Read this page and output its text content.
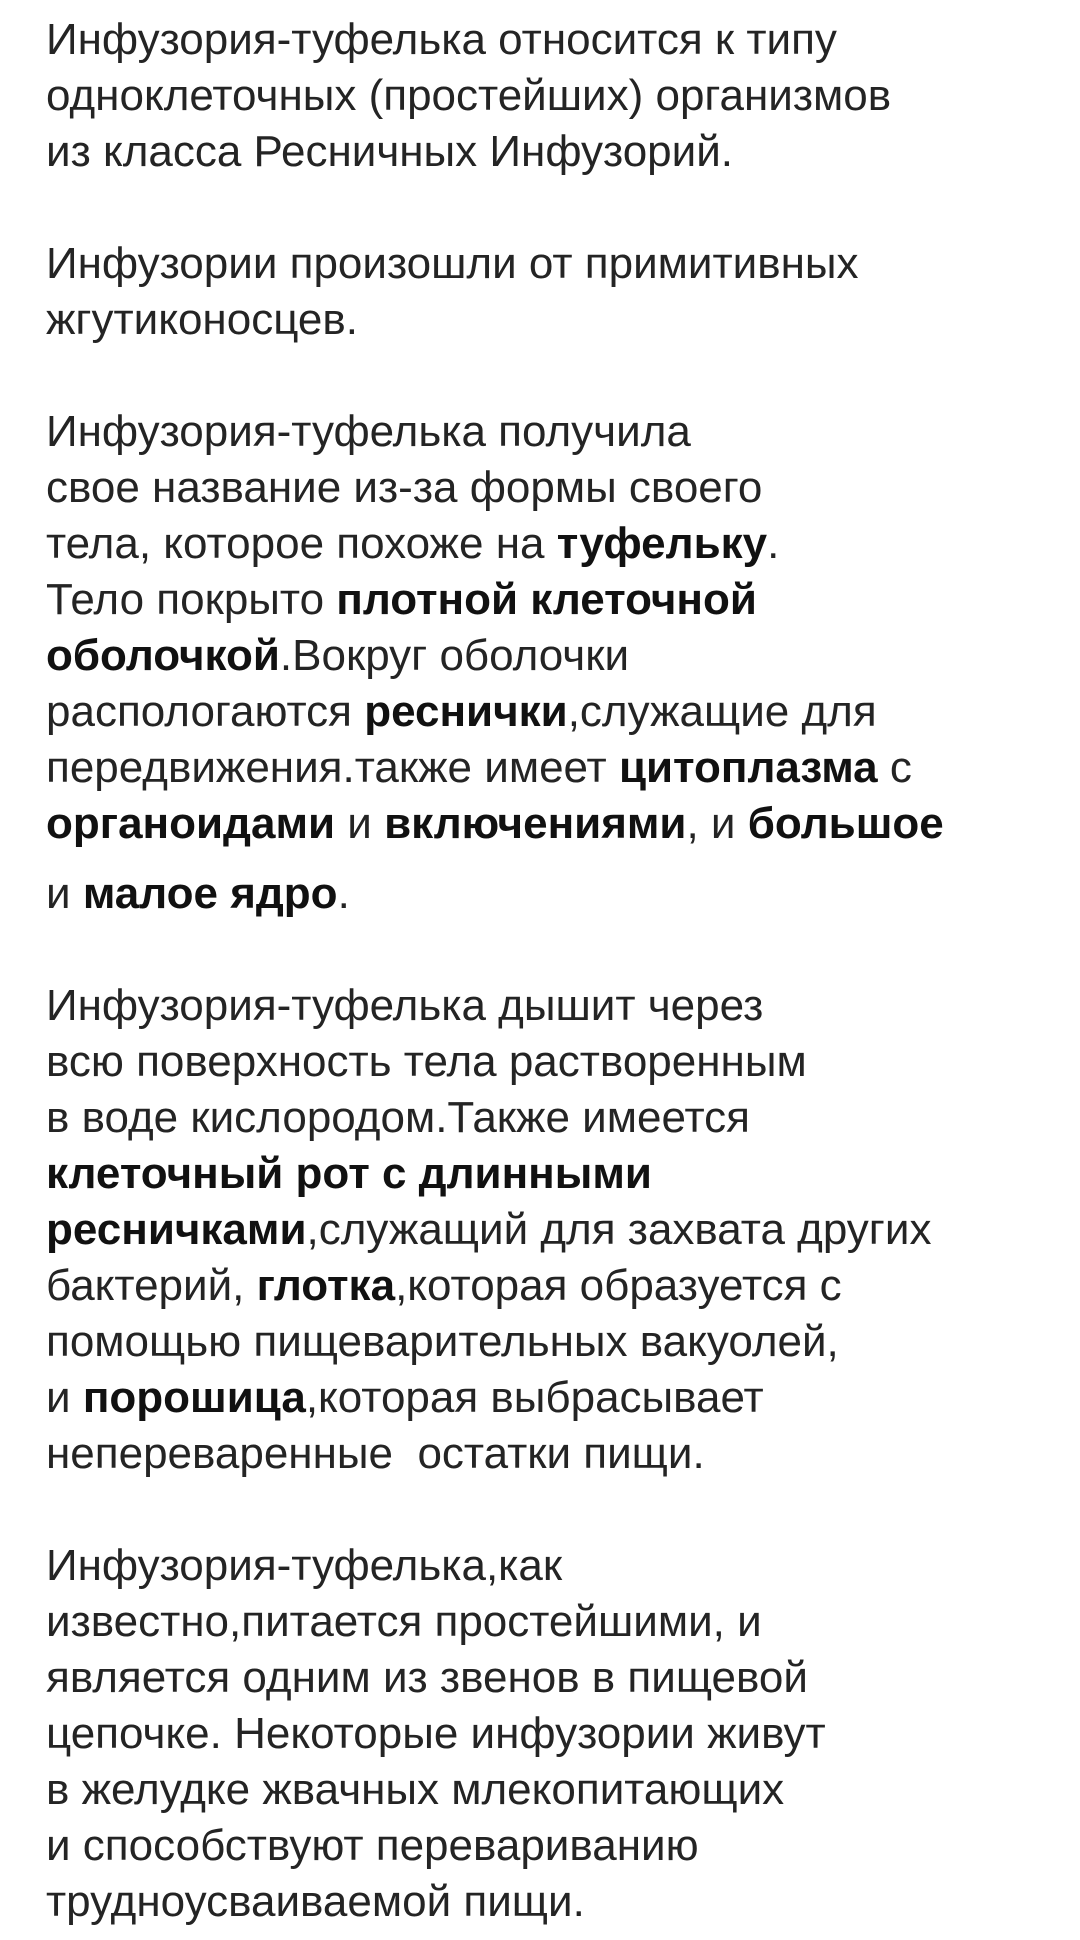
Инфузория-туфелька относится к типу
одноклеточных (простейших) организмов
из класса Ресничных Инфузорий.
Инфузории произошли от примитивных
жгутиконосцев.
Инфузория-туфелька получила
свое название из-за формы своего
тела, которое похоже на туфельку.
Тело покрыто плотной клеточной
оболочкой.Вокруг оболочки
распологаются реснички,служащие для
передвижения.также имеет цитоплазма с
органоидами и включениями, и большое
и малое ядро.
Инфузория-туфелька дышит через
всю поверхность тела растворенным
в воде кислородом.Также имеется
клеточный рот с длинными
ресничками,служащий для захвата других
бактерий, глотка,которая образуется с
помощью пищеварительных вакуолей,
и порошица,которая выбрасывает
непереваренные  остатки пищи.
Инфузория-туфелька,как
известно,питается простейшими, и
является одним из звенов в пищевой
цепочке. Некоторые инфузории живут
в желудке жвачных млекопитающих
и способствуют перевариванию
трудноусваиваемой пищи.
